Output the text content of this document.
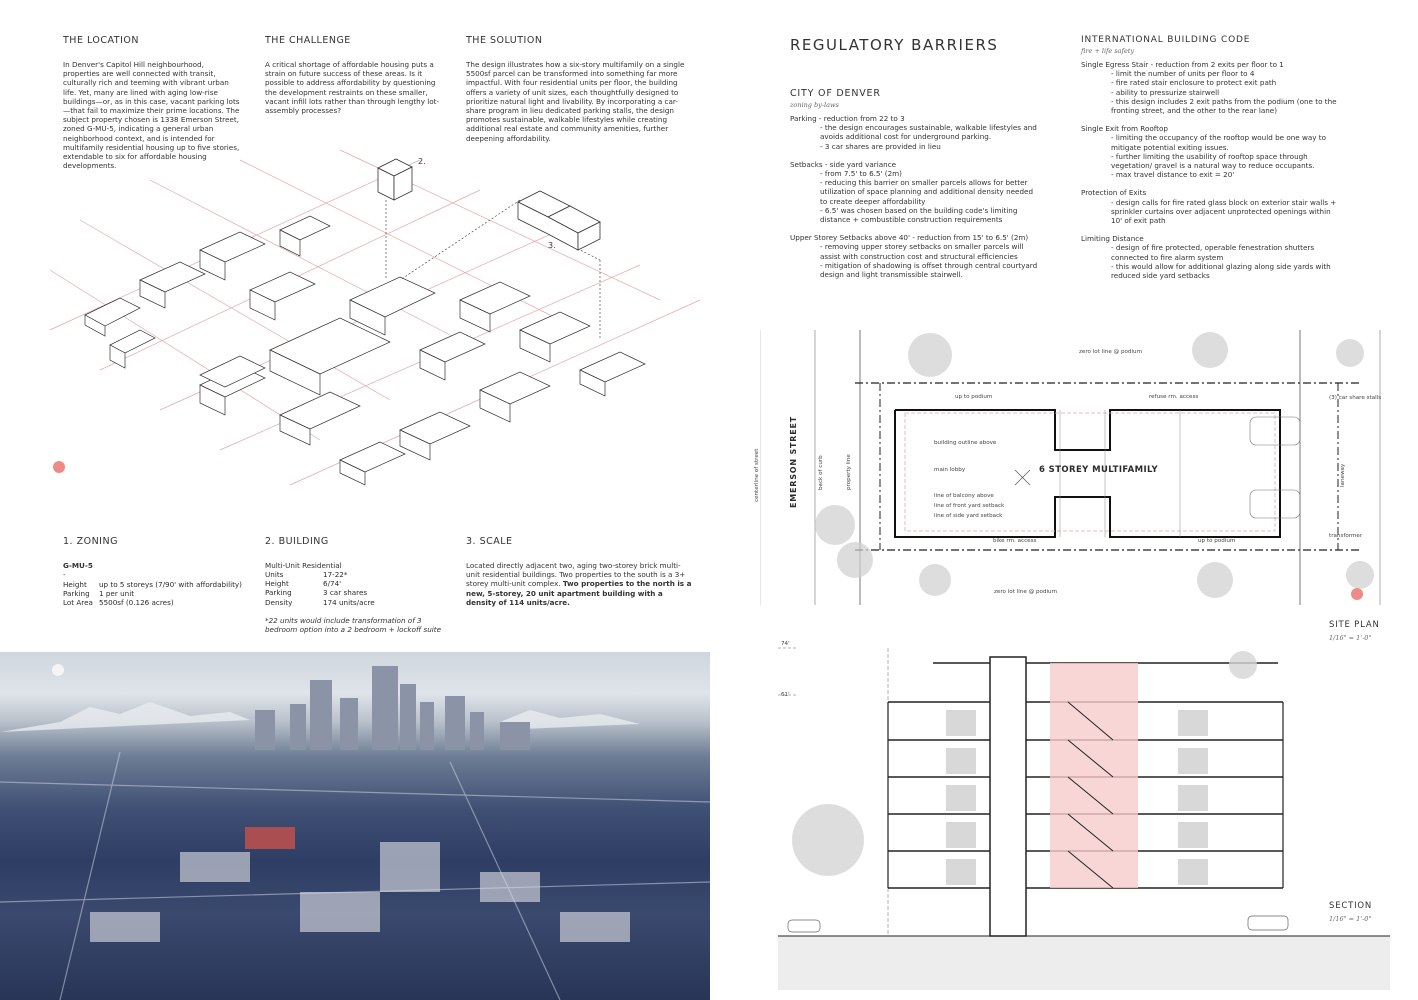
THE LOCATION
In Denver's Capitol Hill neighbourhood, properties are well connected with transit, culturally rich and teeming with vibrant urban life. Yet, many are lined with aging low-rise buildings—or, as in this case, vacant parking lots—that fail to maximize their prime locations. The subject property chosen is 1338 Emerson Street, zoned G-MU-5, indicating a general urban neighborhood context, and is intended for multifamily residential housing up to five stories, extendable to six for affordable housing developments.
THE CHALLENGE
A critical shortage of affordable housing puts a strain on future success of these areas. Is it possible to address affordability by questioning the development restraints on these smaller, vacant infill lots rather than through lengthy lot-assembly processes?
THE SOLUTION
The design illustrates how a six-story multifamily on a single 5500sf parcel can be transformed into something far more impactful. With four residential units per floor, the building offers a variety of unit sizes, each thoughtfully designed to prioritize natural light and livability. By incorporating a car-share program in lieu dedicated parking stalls, the design promotes sustainable, walkable lifestyles while creating additional real estate and community amenities, further deepening affordability.
2.
3.
1. ZONING
G-MU-5
-
Height	up to 5 storeys (7/90' with affordability)
Parking	1 per unit
Lot Area 5500sf (0.126 acres)
2. BUILDING
Multi-Unit Residential
Units	17-22*
Height	6/74'
Parking	3 car shares
Density	174 units/acre
*22 units would include transformation of 3 bedroom option into a 2 bedroom + lockoff suite
3. SCALE
Located directly adjacent two, aging two-storey brick multi-unit residential buildings. Two properties to the south is a 3+ storey multi-unit complex. Two properties to the north is a new, 5-storey, 20 unit apartment building with a density of 114 units/acre.
REGULATORY BARRIERS
CITY OF DENVER
zoning by-laws
Parking - reduction from 22 to 3
- the design encourages sustainable, walkable lifestyles and avoids additional cost for underground parking.
- 3 car shares are provided in lieu
Setbacks - side yard variance
- from 7.5' to 6.5' (2m)
- reducing this barrier on smaller parcels allows for better utilization of space planning and additional density needed to create deeper affordability
- 6.5' was chosen based on the building code's limiting distance + combustible construction requirements
Upper Storey Setbacks above 40' - reduction from 15' to 6.5' (2m)
- removing upper storey setbacks on smaller parcels will assist with construction cost and structural efficiencies
- mitigation of shadowing is offset through central courtyard design and light transmissible stairwell.
INTERNATIONAL BUILDING CODE
fire + life safety
Single Egress Stair - reduction from 2 exits per floor to 1
- limit the number of units per floor to 4
- fire rated stair enclosure to protect exit path
- ability to pressurize stairwell
- this design includes 2 exit paths from the podium (one to the fronting street, and the other to the rear lane)
Single Exit from Rooftop
- limiting the occupancy of the rooftop would be one way to mitigate potential exiting issues.
- further limiting the usability of rooftop space through vegetation/ gravel is a natural way to reduce occupants.
- max travel distance to exit = 20'
Protection of Exits
- design calls for fire rated glass block on exterior stair walls + sprinkler curtains over adjacent unprotected openings within 10' of exit path
Limiting Distance
- design of fire protected, operable fenestration shutters connected to fire alarm system
- this would allow for additional glazing along side yards with reduced side yard setbacks
zero lot line @ podium
up to podium	refuse rm. access	(3) car share stalls
building outline above
main lobby	6 STOREY MULTIFAMILY
line of balcony above
line of front yard setback
line of side yard setback
bike rm. access	up to podium
transformer
zero lot line @ podium
EMERSON STREET
centerline of street	back of curb	property line	laneway
SITE PLAN
1/16" = 1'-0"
74'
61'
SECTION
1/16" = 1'-0"
